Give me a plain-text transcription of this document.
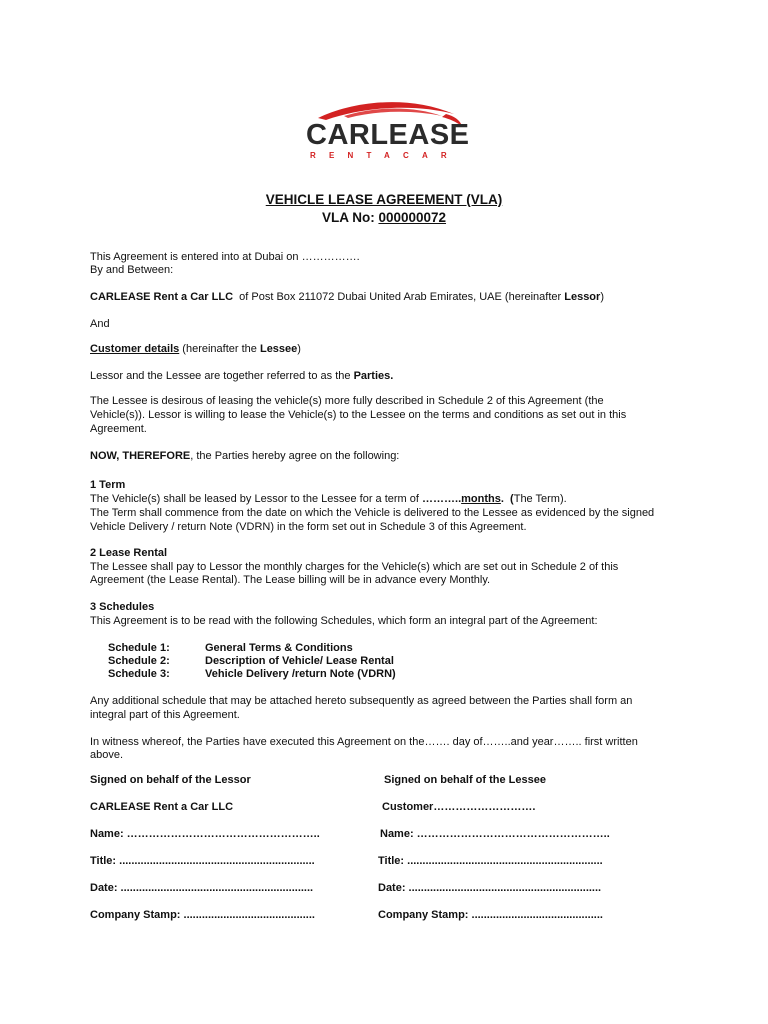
CARLEASE
RENTACAR
VEHICLE LEASE AGREEMENT (VLA)
VLA No: 000000072
This Agreement is entered into at Dubai on …………….
By and Between:
CARLEASE Rent a Car LLC  of Post Box 211072 Dubai United Arab Emirates, UAE (hereinafter Lessor)
And
Customer details (hereinafter the Lessee)
Lessor and the Lessee are together referred to as the Parties.
The Lessee is desirous of leasing the vehicle(s) more fully described in Schedule 2 of this Agreement (the
Vehicle(s)). Lessor is willing to lease the Vehicle(s) to the Lessee on the terms and conditions as set out in this
Agreement.
NOW, THEREFORE, the Parties hereby agree on the following:
1 Term
The Vehicle(s) shall be leased by Lessor to the Lessee for a term of ………..months.  (The Term).
The Term shall commence from the date on which the Vehicle is delivered to the Lessee as evidenced by the signed
Vehicle Delivery / return Note (VDRN) in the form set out in Schedule 3 of this Agreement.
2 Lease Rental
The Lessee shall pay to Lessor the monthly charges for the Vehicle(s) which are set out in Schedule 2 of this
Agreement (the Lease Rental). The Lease billing will be in advance every Monthly.
3 Schedules
This Agreement is to be read with the following Schedules, which form an integral part of the Agreement:
Schedule 1:	General Terms & Conditions
Schedule 2:	Description of Vehicle/ Lease Rental
Schedule 3:	Vehicle Delivery /return Note (VDRN)
Any additional schedule that may be attached hereto subsequently as agreed between the Parties shall form an
integral part of this Agreement.
In witness whereof, the Parties have executed this Agreement on the……. day of……..and year…….. first written
above.
Signed on behalf of the Lessor
CARLEASE Rent a Car LLC
Name: ……………………………………………..
Title: ................................................................
Date: ...............................................................
Company Stamp: ...........................................
Signed on behalf of the Lessee
Customer……………………….
Name: ……………………………………………..
Title: ................................................................
Date: ...............................................................
Company Stamp: ...........................................
